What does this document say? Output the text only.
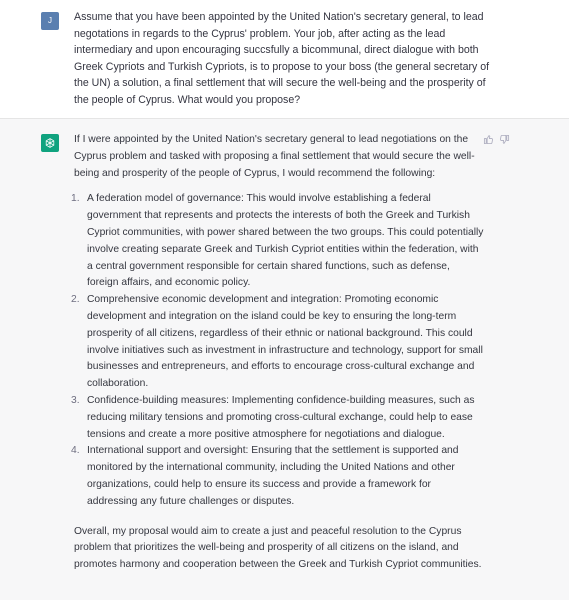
J	Assume that you have been appointed by the United Nation's secretary general, to lead negotations in regards to the Cyprus' problem. Your job, after acting as the lead intermediary and upon encouraging succsfully a bicommunal, direct dialogue with both Greek Cypriots and Turkish Cypriots, is to propose to your boss (the general secretary of the UN) a solution, a final settlement that will secure the well-being and the prosperity of the people of Cyprus. What would you propose?

If I were appointed by the United Nation's secretary general to lead negotiations on the Cyprus problem and tasked with proposing a final settlement that would secure the well-being and prosperity of the people of Cyprus, I would recommend the following:

1. A federation model of governance: This would involve establishing a federal government that represents and protects the interests of both the Greek and Turkish Cypriot communities, with power shared between the two groups. This could potentially involve creating separate Greek and Turkish Cypriot entities within the federation, with a central government responsible for certain shared functions, such as defense, foreign affairs, and economic policy.
2. Comprehensive economic development and integration: Promoting economic development and integration on the island could be key to ensuring the long-term prosperity of all citizens, regardless of their ethnic or national background. This could involve initiatives such as investment in infrastructure and technology, support for small businesses and entrepreneurs, and efforts to encourage cross-cultural exchange and collaboration.
3. Confidence-building measures: Implementing confidence-building measures, such as reducing military tensions and promoting cross-cultural exchange, could help to ease tensions and create a more positive atmosphere for negotiations and dialogue.
4. International support and oversight: Ensuring that the settlement is supported and monitored by the international community, including the United Nations and other organizations, could help to ensure its success and provide a framework for addressing any future challenges or disputes.

Overall, my proposal would aim to create a just and peaceful resolution to the Cyprus problem that prioritizes the well-being and prosperity of all citizens on the island, and promotes harmony and cooperation between the Greek and Turkish Cypriot communities.
